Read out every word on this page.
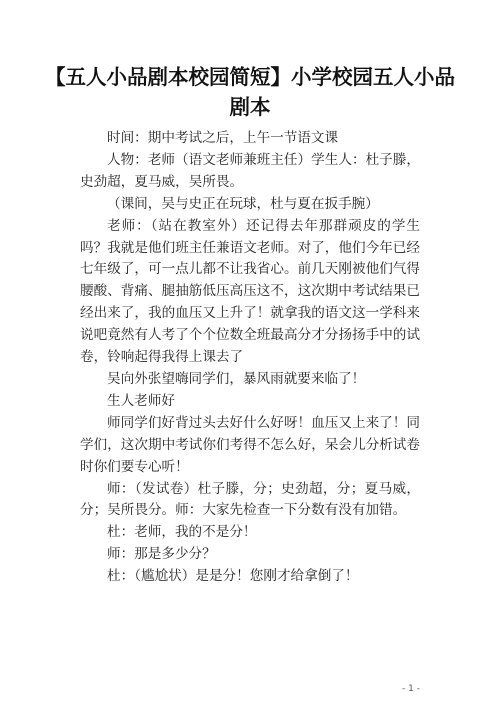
【五人小品剧本校园简短】小学校园五人小品剧本

时间：期中考试之后，上午一节语文课

人物：老师（语文老师兼班主任）学生人：杜子滕，史劲超，夏马威，吴所畏。

（课间，吴与史正在玩球，杜与夏在扳手腕）

老师：（站在教室外）还记得去年那群顽皮的学生吗？我就是他们班主任兼语文老师。对了，他们今年已经七年级了，可一点儿都不让我省心。前几天刚被他们气得腰酸、背痛、腿抽筋低压高压这不，这次期中考试结果已经出来了，我的血压又上升了！就拿我的语文这一学科来说吧竟然有人考了个个位数全班最高分才分扬扬手中的试卷，铃响起得我得上课去了

吴向外张望嗨同学们，暴风雨就要来临了！

生人老师好

师同学们好背过头去好什么好呀！血压又上来了！同学们，这次期中考试你们考得不怎么好，呆会儿分析试卷时你们要专心听！

师：（发试卷）杜子滕，分；史劲超，分；夏马威，分；吴所畏分。师：大家先检查一下分数有没有加错。

杜：老师，我的不是分！

师：那是多少分？

杜：（尴尬状）是是分！您刚才给拿倒了！

- 1 -
